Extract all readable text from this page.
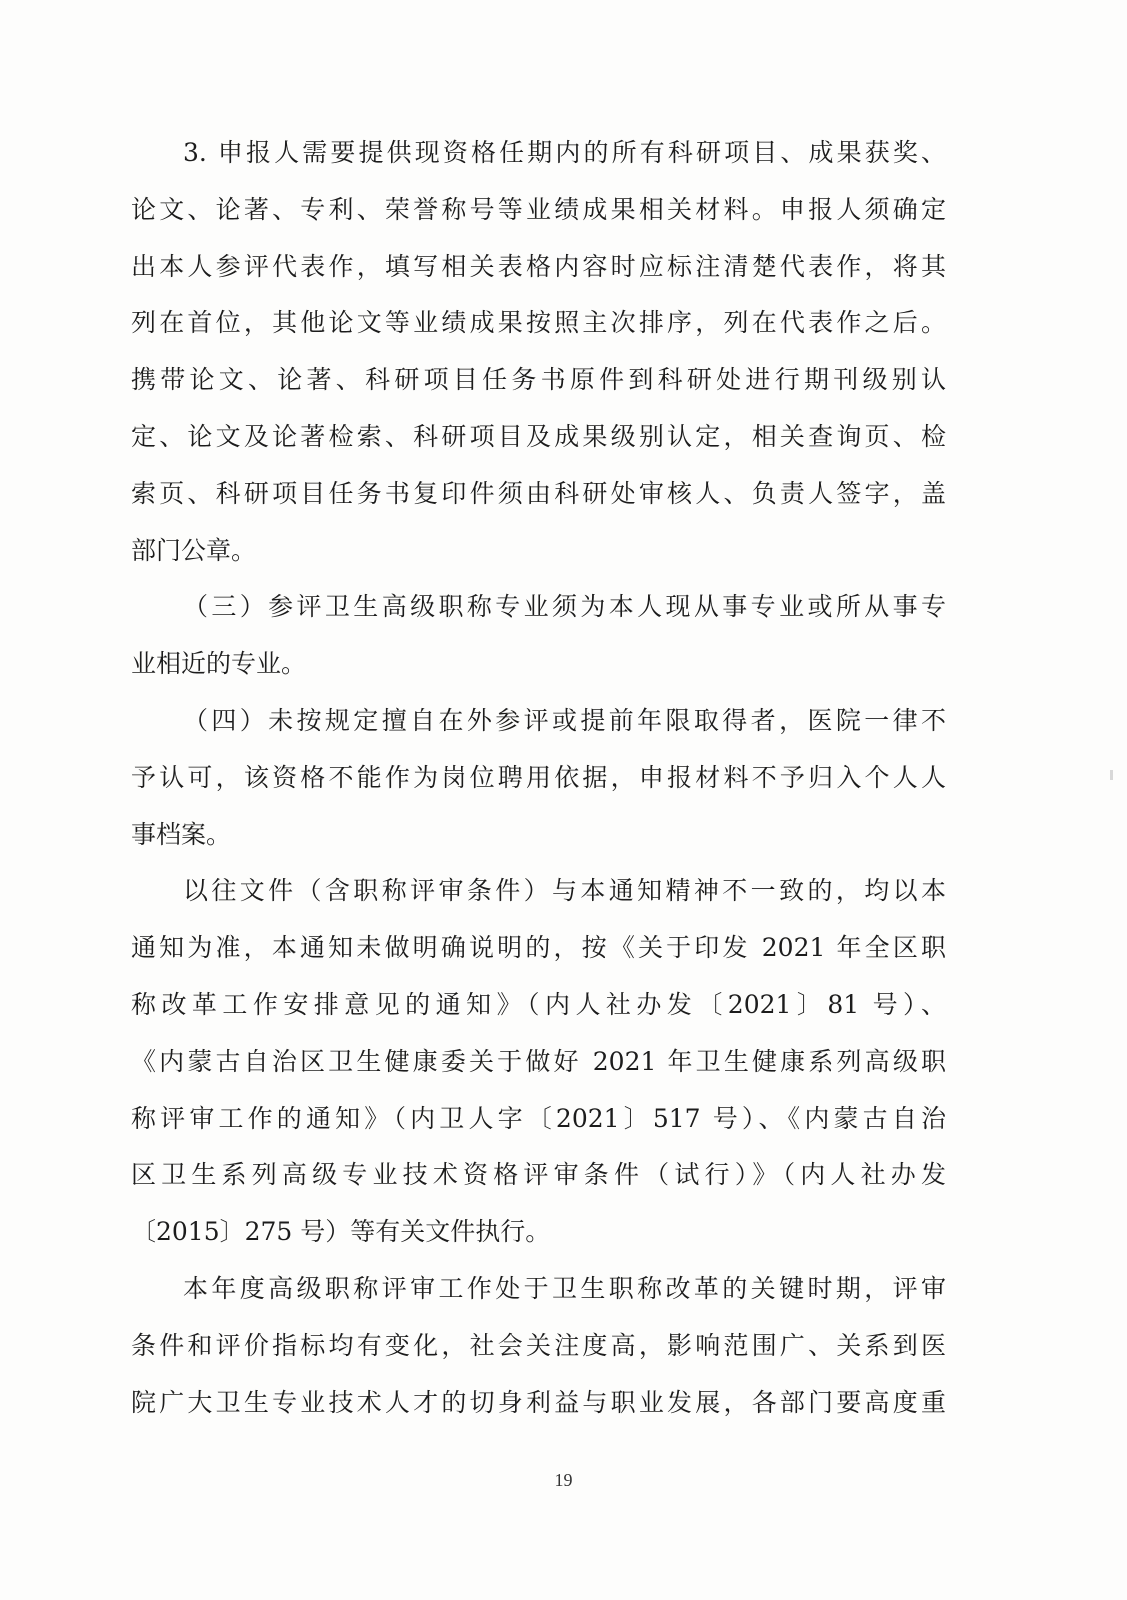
3. 申报人需要提供现资格任期内的所有科研项目、成果获奖、
论文、论著、专利、荣誉称号等业绩成果相关材料。申报人须确定
出本人参评代表作，填写相关表格内容时应标注清楚代表作，将其
列在首位，其他论文等业绩成果按照主次排序，列在代表作之后。
携带论文、论著、科研项目任务书原件到科研处进行期刊级别认
定、论文及论著检索、科研项目及成果级别认定，相关查询页、检
索页、科研项目任务书复印件须由科研处审核人、负责人签字，盖
部门公章。
（三）参评卫生高级职称专业须为本人现从事专业或所从事专
业相近的专业。
（四）未按规定擅自在外参评或提前年限取得者，医院一律不
予认可，该资格不能作为岗位聘用依据，申报材料不予归入个人人
事档案。
以往文件（含职称评审条件）与本通知精神不一致的，均以本
通知为准，本通知未做明确说明的，按《关于印发 2021 年全区职
称改革工作安排意见的通知》（内人社办发〔2021〕81 号）、
《内蒙古自治区卫生健康委关于做好 2021 年卫生健康系列高级职
称评审工作的通知》（内卫人字〔2021〕517 号）、《内蒙古自治
区卫生系列高级专业技术资格评审条件（试行）》（内人社办发
〔2015〕275 号）等有关文件执行。
本年度高级职称评审工作处于卫生职称改革的关键时期，评审
条件和评价指标均有变化，社会关注度高，影响范围广、关系到医
院广大卫生专业技术人才的切身利益与职业发展，各部门要高度重
19
